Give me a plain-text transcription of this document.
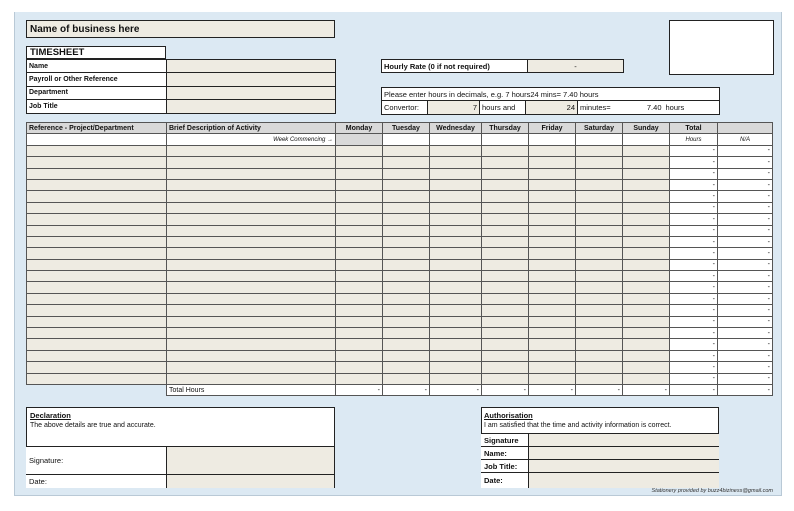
Name of business here
TIMESHEET
Name	
Payroll or Other Reference	
Department	
Job Title	
Hourly Rate (0 if not required)	-
Please enter hours in decimals, e.g. 7 hours24 mins= 7.40 hours
Convertor:	7	hours and	24	minutes=	7.40	hours
Reference - Project/Department	Brief Description of Activity	Monday	Tuesday	Wednesday	Thursday	Friday	Saturday	Sunday	Total	
	Week Commencing →								Hours	N/A
									-	-
									-	-
									-	-
									-	-
									-	-
									-	-
									-	-
									-	-
									-	-
									-	-
									-	-
									-	-
									-	-
									-	-
									-	-
									-	-
									-	-
									-	-
									-	-
									-	-
									-	-
	Total Hours	-	-	-	-	-	-	-	-	-
Declaration
The above details are true and accurate.
Signature:
Date:
Authorisation
I am satisfied that the time and activity information is correct.
Signature
Name:
Job Title:
Date:
Stationery provided by buzz4biziness@gmail.com
